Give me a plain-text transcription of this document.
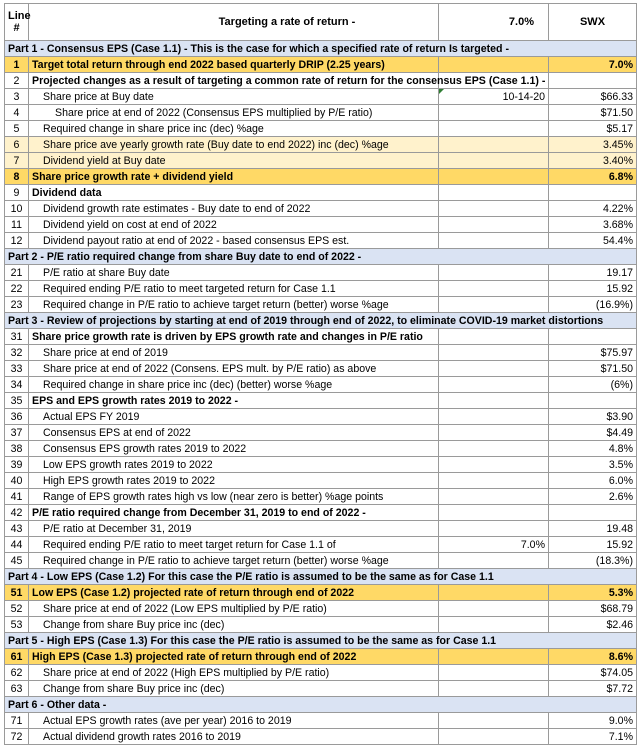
Line #	Targeting a rate of return -	7.0%	SWX
Part 1 - Consensus EPS (Case 1.1) - This is the case for which a specified rate of return Is targeted -			
1	Target total return through end 2022 based quarterly DRIP (2.25 years)		7.0%
2	Projected changes as a result of targeting a common rate of return for the consensus EPS (Case 1.1) -		
3	Share price at Buy date	10-14-20	$66.33
4	Share price at end of 2022 (Consensus EPS multiplied by P/E ratio)		$71.50
5	Required change in share price inc (dec) %age		$5.17
6	Share price ave yearly growth rate (Buy date to end 2022) inc (dec) %age		3.45%
7	Dividend yield at Buy date		3.40%
8	Share price growth rate + dividend yield		6.8%
9	Dividend data		
10	Dividend growth rate estimates - Buy date to end of 2022		4.22%
11	Dividend yield on cost at end of 2022		3.68%
12	Dividend payout ratio at end of 2022 - based consensus EPS est.		54.4%
Part 2 - P/E ratio required change from share Buy date to end of 2022 -			
21	P/E ratio at share Buy date		19.17
22	Required ending P/E ratio to meet targeted return for Case 1.1		15.92
23	Required change in P/E ratio to achieve target return (better) worse %age		(16.9%)
Part 3 - Review of projections by starting at end of 2019 through end of 2022, to eliminate COVID-19 market distortions			
31	Share price growth rate is driven by EPS growth rate and changes in P/E ratio		
32	Share price at end of 2019		$75.97
33	Share price at end of 2022 (Consens. EPS mult. by P/E ratio) as above		$71.50
34	Required change in share price inc (dec) (better) worse %age		(6%)
35	EPS and EPS growth rates 2019 to 2022 -		
36	Actual EPS FY 2019		$3.90
37	Consensus EPS at end of 2022		$4.49
38	Consensus EPS growth rates 2019 to 2022		4.8%
39	Low EPS growth rates 2019 to 2022		3.5%
40	High EPS growth rates 2019 to 2022		6.0%
41	Range of EPS growth rates high vs low (near zero is better) %age points		2.6%
42	P/E ratio required change from December 31, 2019 to end of 2022 -		
43	P/E ratio at December 31, 2019		19.48
44	Required ending P/E ratio to meet target return for Case 1.1 of	7.0%	15.92
45	Required change in P/E ratio to achieve target return (better) worse %age		(18.3%)
Part 4 - Low EPS (Case 1.2) For this case the P/E ratio is assumed to be the same as for Case 1.1			
51	Low EPS (Case 1.2) projected rate of return through end of 2022		5.3%
52	Share price at end of 2022 (Low EPS multiplied by P/E ratio)		$68.79
53	Change from share Buy price inc (dec)		$2.46
Part 5 - High EPS (Case 1.3) For this case the P/E ratio is assumed to be the same as for Case 1.1			
61	High EPS (Case 1.3) projected rate of return through end of 2022		8.6%
62	Share price at end of 2022 (High EPS multiplied by P/E ratio)		$74.05
63	Change from share Buy price inc (dec)		$7.72
Part 6 - Other data -			
71	Actual EPS growth rates (ave per year) 2016 to 2019		9.0%
72	Actual dividend growth rates 2016 to 2019		7.1%
